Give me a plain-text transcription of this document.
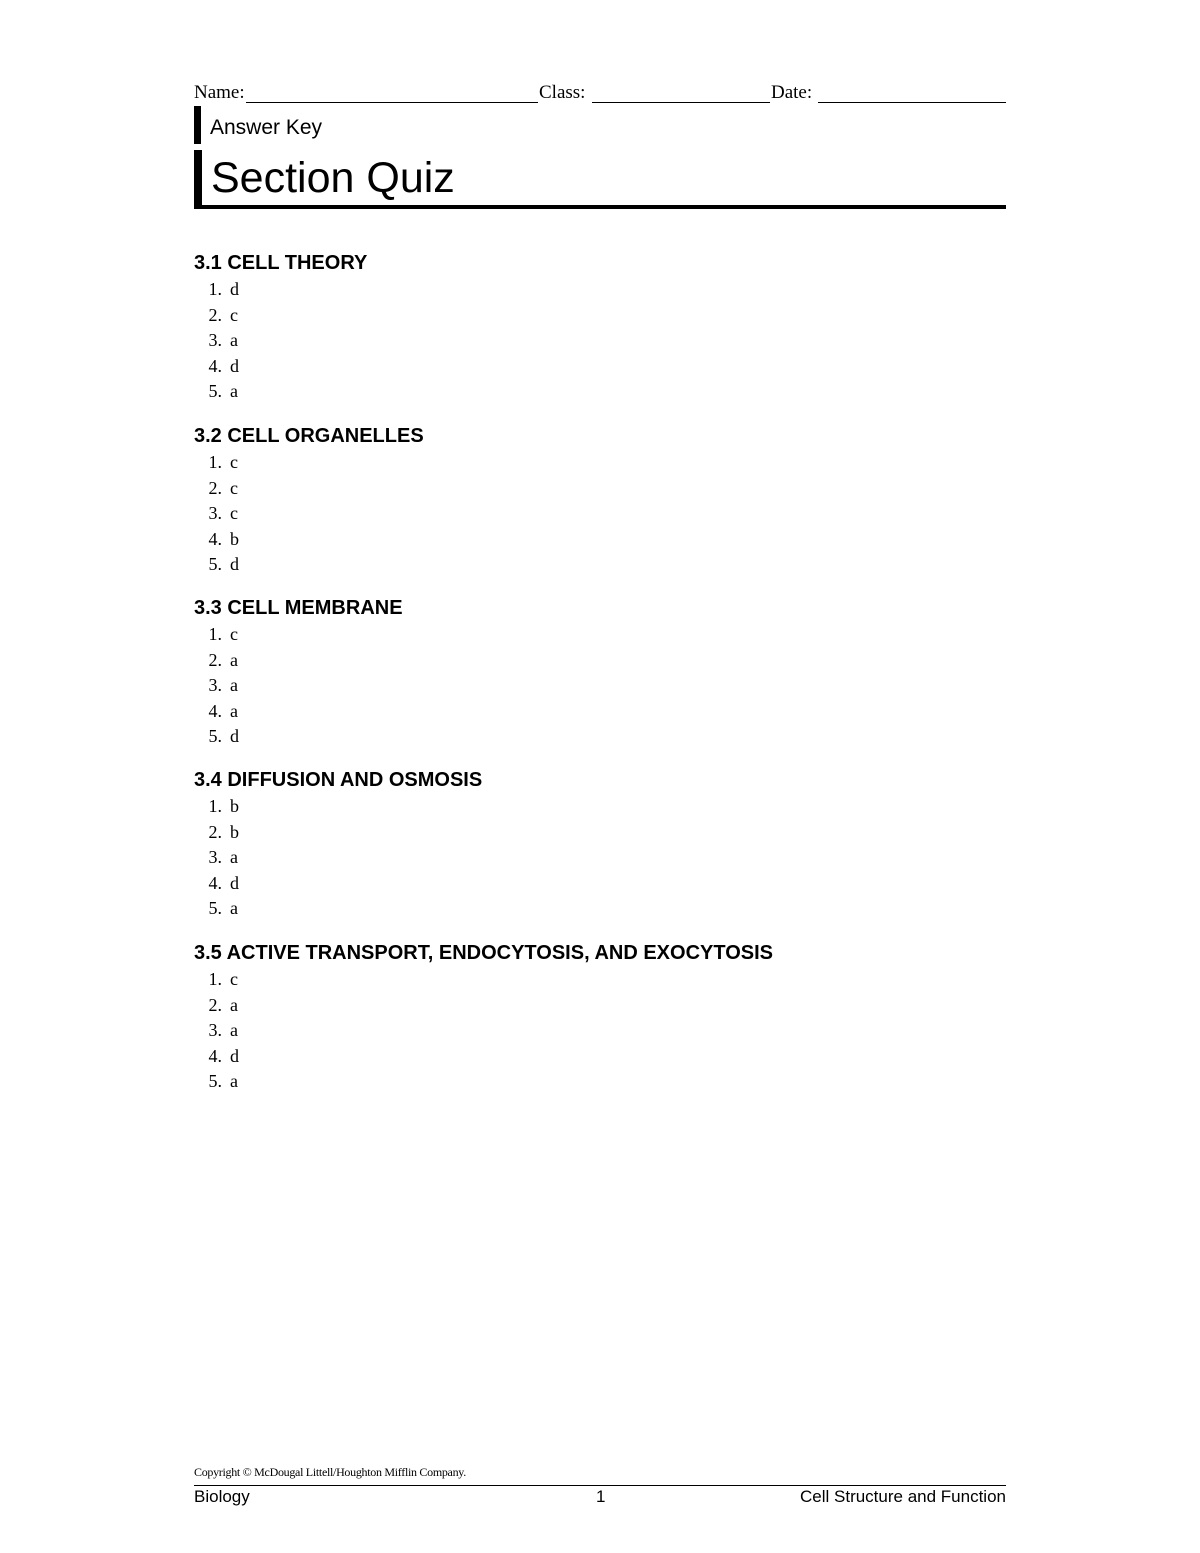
Name:	Class:	Date:
Answer Key
Section Quiz
3.1 CELL THEORY
1. d
2. c
3. a
4. d
5. a
3.2 CELL ORGANELLES
1. c
2. c
3. c
4. b
5. d
3.3 CELL MEMBRANE
1. c
2. a
3. a
4. a
5. d
3.4 DIFFUSION AND OSMOSIS
1. b
2. b
3. a
4. d
5. a
3.5 ACTIVE TRANSPORT, ENDOCYTOSIS, AND EXOCYTOSIS
1. c
2. a
3. a
4. d
5. a
Copyright © McDougal Littell/Houghton Mifflin Company.
Biology	1	Cell Structure and Function
